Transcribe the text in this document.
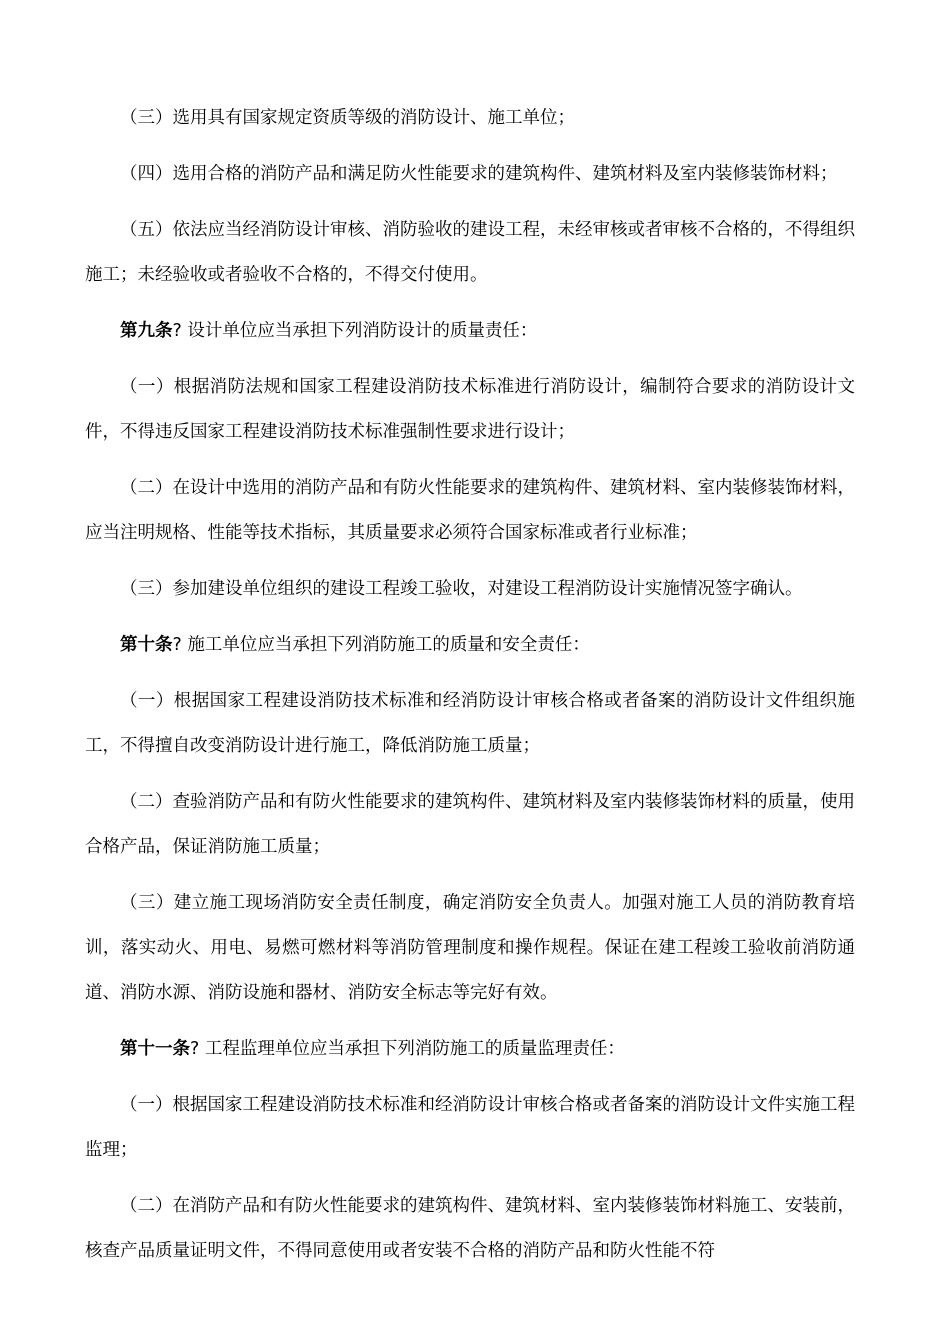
（三）选用具有国家规定资质等级的消防设计、施工单位；

（四）选用合格的消防产品和满足防火性能要求的建筑构件、建筑材料及室内装修装饰材料；

（五）依法应当经消防设计审核、消防验收的建设工程，未经审核或者审核不合格的，不得组织施工；未经验收或者验收不合格的，不得交付使用。

第九条? 设计单位应当承担下列消防设计的质量责任：

（一）根据消防法规和国家工程建设消防技术标准进行消防设计，编制符合要求的消防设计文件，不得违反国家工程建设消防技术标准强制性要求进行设计；

（二）在设计中选用的消防产品和有防火性能要求的建筑构件、建筑材料、室内装修装饰材料，应当注明规格、性能等技术指标，其质量要求必须符合国家标准或者行业标准；

（三）参加建设单位组织的建设工程竣工验收，对建设工程消防设计实施情况签字确认。

第十条? 施工单位应当承担下列消防施工的质量和安全责任：

（一）根据国家工程建设消防技术标准和经消防设计审核合格或者备案的消防设计文件组织施工，不得擅自改变消防设计进行施工，降低消防施工质量；

（二）查验消防产品和有防火性能要求的建筑构件、建筑材料及室内装修装饰材料的质量，使用合格产品，保证消防施工质量；

（三）建立施工现场消防安全责任制度，确定消防安全负责人。加强对施工人员的消防教育培训，落实动火、用电、易燃可燃材料等消防管理制度和操作规程。保证在建工程竣工验收前消防通道、消防水源、消防设施和器材、消防安全标志等完好有效。

第十一条? 工程监理单位应当承担下列消防施工的质量监理责任：

（一）根据国家工程建设消防技术标准和经消防设计审核合格或者备案的消防设计文件实施工程监理；

（二）在消防产品和有防火性能要求的建筑构件、建筑材料、室内装修装饰材料施工、安装前，核查产品质量证明文件，不得同意使用或者安装不合格的消防产品和防火性能不符
